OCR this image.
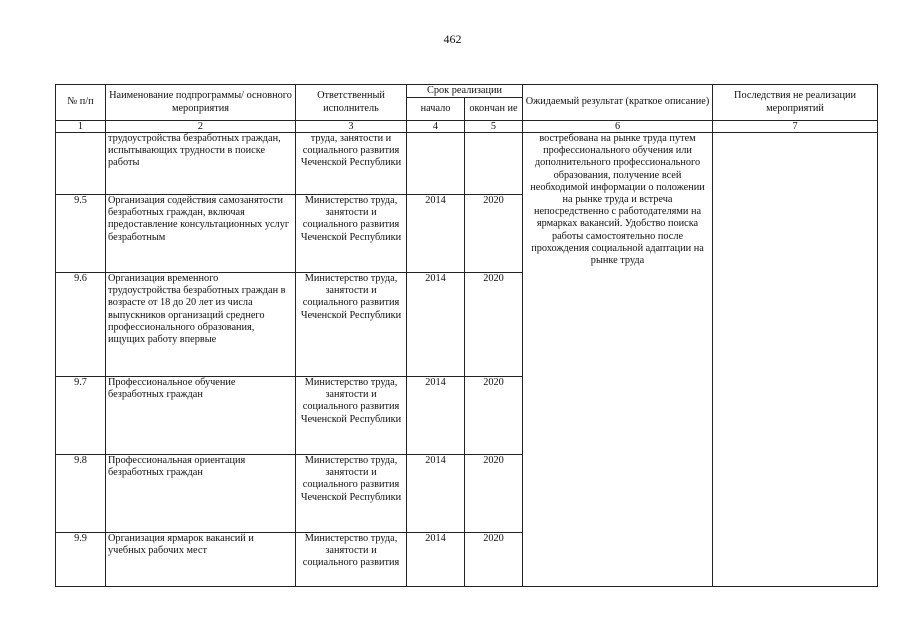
462
№ п/п	Наименование подпрограммы/ основного мероприятия	Ответственный исполнитель	Срок реализации		Ожидаемый результат (краткое описание)	Последствия не реализации мероприятий
			начало	окончан ие		
1	2	3	4	5	6	7
	трудоустройства безработных граждан, испытывающих трудности в поиске работы	труда, занятости и социального развития Чеченской Республики			востребована на рынке труда путем профессионального обучения или дополнительного профессионального образования, получение всей необходимой информации о положении на рынке труда и встреча непосредственно с работодателями на ярмарках вакансий. Удобство поиска работы самостоятельно после прохождения социальной адаптации на рынке труда	
9.5	Организация содействия самозанятости безработных граждан, включая предоставление консультационных услуг безработным	Министерство труда, занятости и социального развития Чеченской Республики	2014	2020		
9.6	Организация временного трудоустройства безработных граждан в возрасте от 18 до 20 лет из числа выпускников организаций среднего профессионального образования, ищущих работу впервые	Министерство труда, занятости и социального развития Чеченской Республики	2014	2020		
9.7	Профессиональное обучение безработных граждан	Министерство труда, занятости и социального развития Чеченской Республики	2014	2020		
9.8	Профессиональная ориентация безработных граждан	Министерство труда, занятости и социального развития Чеченской Республики	2014	2020		
9.9	Организация ярмарок вакансий и учебных рабочих мест	Министерство труда, занятости и социального развития	2014	2020		
